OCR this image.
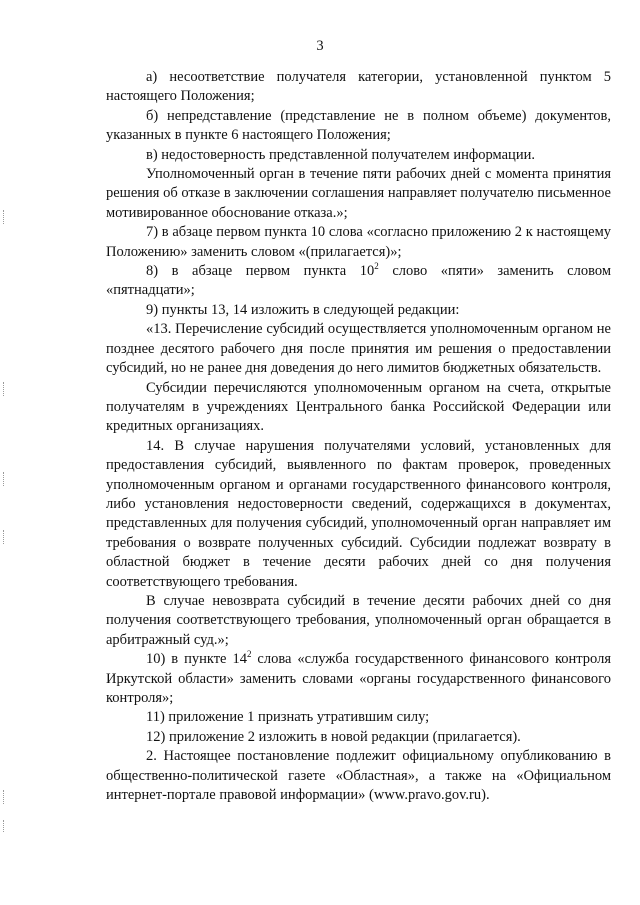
3

а) несоответствие получателя категории, установленной пунктом 5 настоящего Положения;

б) непредставление (представление не в полном объеме) документов, указанных в пункте 6 настоящего Положения;

в) недостоверность представленной получателем информации.

Уполномоченный орган в течение пяти рабочих дней с момента принятия решения об отказе в заключении соглашения направляет получателю письменное мотивированное обоснование отказа.»;

7) в абзаце первом пункта 10 слова «согласно приложению 2 к настоящему Положению» заменить словом «(прилагается)»;

8) в абзаце первом пункта $10^2$ слово «пяти» заменить словом «пятнадцати»;

9) пункты 13, 14 изложить в следующей редакции:

«13. Перечисление субсидий осуществляется уполномоченным органом не позднее десятого рабочего дня после принятия им решения о предоставлении субсидий, но не ранее дня доведения до него лимитов бюджетных обязательств.

Субсидии перечисляются уполномоченным органом на счета, открытые получателям в учреждениях Центрального банка Российской Федерации или кредитных организациях.

14. В случае нарушения получателями условий, установленных для предоставления субсидий, выявленного по фактам проверок, проведенных уполномоченным органом и органами государственного финансового контроля, либо установления недостоверности сведений, содержащихся в документах, представленных для получения субсидий, уполномоченный орган направляет им требования о возврате полученных субсидий. Субсидии подлежат возврату в областной бюджет в течение десяти рабочих дней со дня получения соответствующего требования.

В случае невозврата субсидий в течение десяти рабочих дней со дня получения соответствующего требования, уполномоченный орган обращается в арбитражный суд.»;

10) в пункте $14^2$ слова «служба государственного финансового контроля Иркутской области» заменить словами «органы государственного финансового контроля»;

11) приложение 1 признать утратившим силу;

12) приложение 2 изложить в новой редакции (прилагается).

2. Настоящее постановление подлежит официальному опубликованию в общественно-политической газете «Областная», а также на «Официальном интернет-портале правовой информации» (www.pravo.gov.ru).
